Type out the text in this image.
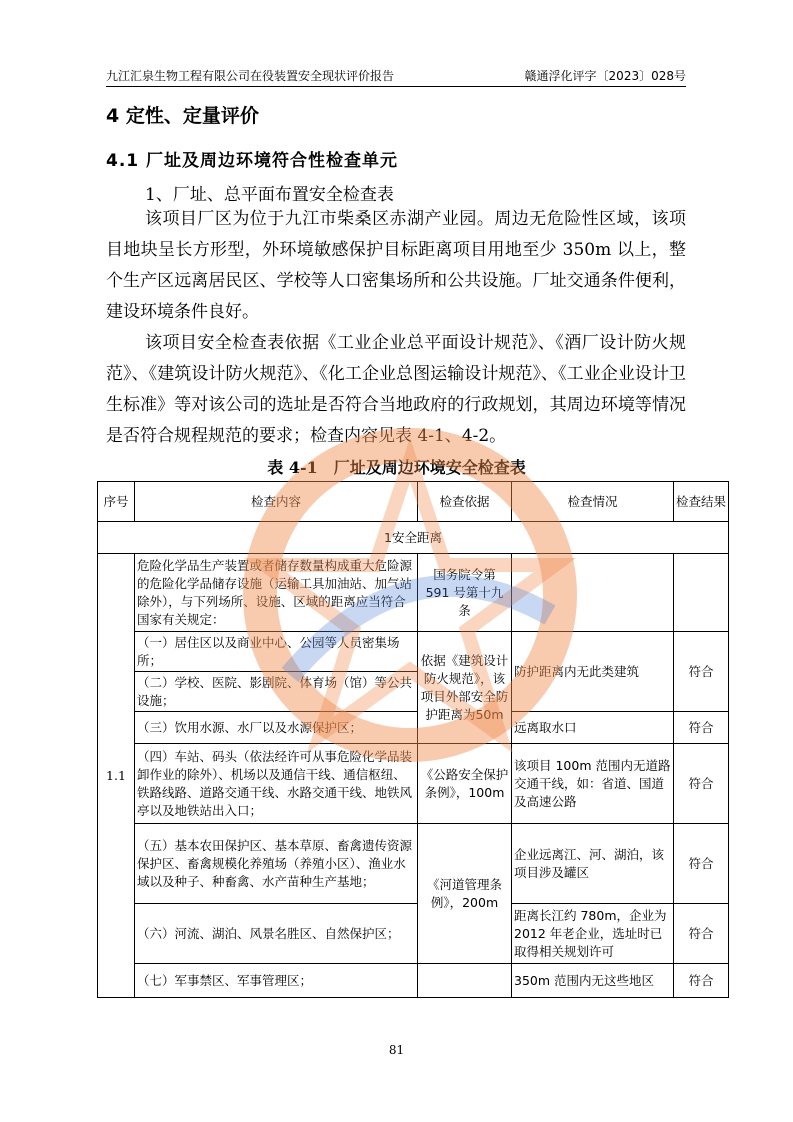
九江汇泉生物工程有限公司在役装置安全现状评价报告	赣通浮化评字〔2023〕028号
4 定性、定量评价
4.1 厂址及周边环境符合性检查单元
1、厂址、总平面布置安全检查表

该项目厂区为位于九江市柴桑区赤湖产业园。周边无危险性区域，该项目地块呈长方形型，外环境敏感保护目标距离项目用地至少 350m 以上，整个生产区远离居民区、学校等人口密集场所和公共设施。厂址交通条件便利，建设环境条件良好。

该项目安全检查表依据《工业企业总平面设计规范》、《酒厂设计防火规范》、《建筑设计防火规范》、《化工企业总图运输设计规范》、《工业企业设计卫生标准》等对该公司的选址是否符合当地政府的行政规划，其周边环境等情况是否符合规程规范的要求；检查内容见表 4-1、4-2。

表 4-1　厂址及周边环境安全检查表
序号	检查内容	检查依据	检查情况	检查结果
1安全距离				
1.1	危险化学品生产装置或者储存数量构成重大危险源的危险化学品储存设施（运输工具加油站、加气站除外），与下列场所、设施、区域的距离应当符合国家有关规定：	国务院令第 591 号第十九条		
	（一）居住区以及商业中心、公园等人员密集场所；	依据《建筑设计防火规范》，该项目外部安全防护距离为50m	防护距离内无此类建筑	符合
	（二）学校、医院、影剧院、体育场（馆）等公共设施；			
	（三）饮用水源、水厂以及水源保护区；		远离取水口	符合
	（四）车站、码头（依法经许可从事危险化学品装卸作业的除外）、机场以及通信干线、通信枢纽、铁路线路、道路交通干线、水路交通干线、地铁风亭以及地铁站出入口；	《公路安全保护条例》，100m	该项目 100m 范围内无道路交通干线，如：省道、国道及高速公路	符合
	（五）基本农田保护区、基本草原、畜禽遗传资源保护区、畜禽规模化养殖场（养殖小区）、渔业水域以及种子、种畜禽、水产苗种生产基地；	《河道管理条例》，200m	企业远离江、河、湖泊，该项目涉及罐区	符合
	（六）河流、湖泊、风景名胜区、自然保护区；		距离长江约 780m，企业为 2012 年老企业，选址时已取得相关规划许可	符合
	（七）军事禁区、军事管理区；		350m 范围内无这些地区	符合
81
